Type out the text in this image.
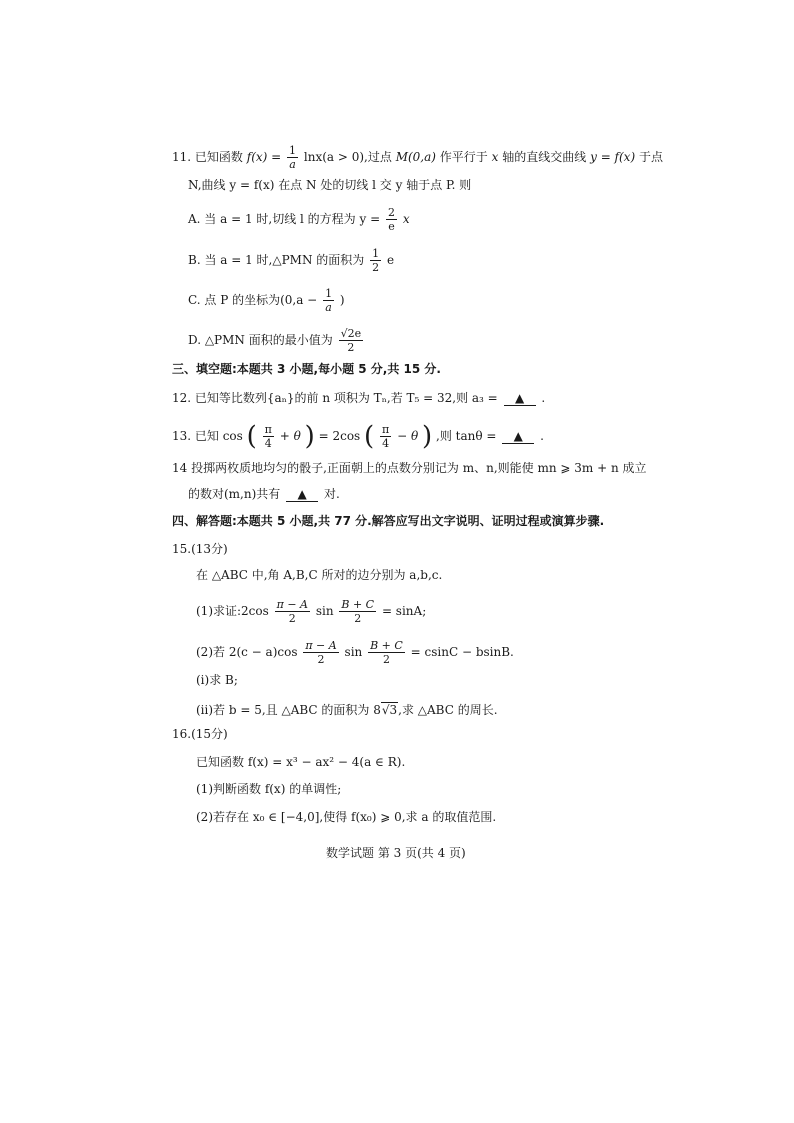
11. 已知函数 $f(x) = \frac{1}{a} \ln x(a > 0)$,过点 M(0,a) 作平行于 x 轴的直线交曲线 y = f(x) 于点
N,曲线 y = f(x) 在点 N 处的切线 l 交 y 轴于点 P. 则
A. 当 a = 1 时,切线 l 的方程为 $y = \frac{2}{e}$ x
B. 当 a = 1 时,△PMN 的面积为 $\frac{1}{2}$ e
C. 点 P 的坐标为($0,a - \frac{1}{a}$ )
D. △PMN 面积的最小值为 $\frac{√2e}{2}$
三、填空题:本题共 3 小题,每小题 5 分,共 15 分.
12. 已知等比数列{aₙ}的前 n 项积为 Tₙ,若 T₅ = 32,则 a₃ = ▲ .
13. 已知 cos ( $\frac{\pi}{4} + \theta$ ) = 2cos ( $\frac{\pi}{4} - \theta$ ) ,则 tanθ = ▲ .
14 投掷两枚质地均匀的骰子,正面朝上的点数分别记为 m、n,则能使 mn ⩾ 3m + n 成立
的数对(m,n)共有 ▲ 对.
四、解答题:本题共 5 小题,共 77 分.解答应写出文字说明、证明过程或演算步骤.
15.(13分)
在 △ABC 中,角 A,B,C 所对的边分别为 a,b,c.
(1)求证:2cos $\frac{\pi - A}{2}$ $\sin \frac{B + C}{2} = \sin A$;
(2)若 $2(c - a)\cos \frac{\pi - A}{2}$ $\sin \frac{B + C}{2} = csinC - bsinB$.
(ⅰ)求 B;
(ⅱ)若 b = 5,且 △ABC 的面积为 8√3,求 △ABC 的周长.
16.(15分)
已知函数 f(x) = x³ − ax² − 4(a ∈ R).
(1)判断函数 f(x) 的单调性;
(2)若存在 x₀ ∈ [−4,0],使得 f(x₀) ⩾ 0,求 a 的取值范围.
数学试题 第 3 页(共 4 页)
